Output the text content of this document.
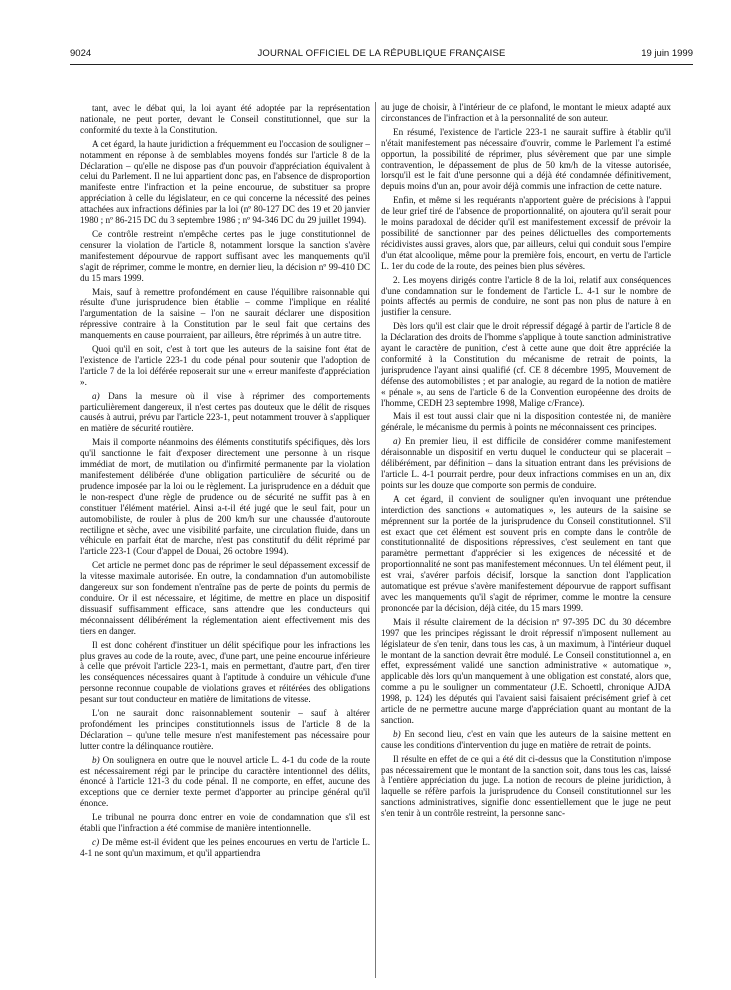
9024	JOURNAL OFFICIEL DE LA RÉPUBLIQUE FRANÇAISE	19 juin 1999

tant, avec le débat qui, la loi ayant été adoptée par la représentation nationale, ne peut porter, devant le Conseil constitutionnel, que sur la conformité du texte à la Constitution.

A cet égard, la haute juridiction a fréquemment eu l'occasion de souligner – notamment en réponse à de semblables moyens fondés sur l'article 8 de la Déclaration – qu'elle ne dispose pas d'un pouvoir d'appréciation équivalent à celui du Parlement. Il ne lui appartient donc pas, en l'absence de disproportion manifeste entre l'infraction et la peine encourue, de substituer sa propre appréciation à celle du législateur, en ce qui concerne la nécessité des peines attachées aux infractions définies par la loi (nº 80-127 DC des 19 et 20 janvier 1980 ; nº 86-215 DC du 3 septembre 1986 ; nº 94-346 DC du 29 juillet 1994).

Ce contrôle restreint n'empêche certes pas le juge constitutionnel de censurer la violation de l'article 8, notamment lorsque la sanction s'avère manifestement dépourvue de rapport suffisant avec les manquements qu'il s'agit de réprimer, comme le montre, en dernier lieu, la décision nº 99-410 DC du 15 mars 1999.

Mais, sauf à remettre profondément en cause l'équilibre raisonnable qui résulte d'une jurisprudence bien établie – comme l'implique en réalité l'argumentation de la saisine – l'on ne saurait déclarer une disposition répressive contraire à la Constitution par le seul fait que certains des manquements en cause pourraient, par ailleurs, être réprimés à un autre titre.

Quoi qu'il en soit, c'est à tort que les auteurs de la saisine font état de l'existence de l'article 223-1 du code pénal pour soutenir que l'adoption de l'article 7 de la loi déférée reposerait sur une « erreur manifeste d'appréciation ».

a) Dans la mesure où il vise à réprimer des comportements particulièrement dangereux, il n'est certes pas douteux que le délit de risques causés à autrui, prévu par l'article 223-1, peut notamment trouver à s'appliquer en matière de sécurité routière.

Mais il comporte néanmoins des éléments constitutifs spécifiques, dès lors qu'il sanctionne le fait d'exposer directement une personne à un risque immédiat de mort, de mutilation ou d'infirmité permanente par la violation manifestement délibérée d'une obligation particulière de sécurité ou de prudence imposée par la loi ou le règlement. La jurisprudence en a déduit que le non-respect d'une règle de prudence ou de sécurité ne suffit pas à en constituer l'élément matériel. Ainsi a-t-il été jugé que le seul fait, pour un automobiliste, de rouler à plus de 200 km/h sur une chaussée d'autoroute rectiligne et sèche, avec une visibilité parfaite, une circulation fluide, dans un véhicule en parfait état de marche, n'est pas constitutif du délit réprimé par l'article 223-1 (Cour d'appel de Douai, 26 octobre 1994).

Cet article ne permet donc pas de réprimer le seul dépassement excessif de la vitesse maximale autorisée. En outre, la condamnation d'un automobiliste dangereux sur son fondement n'entraîne pas de perte de points du permis de conduire. Or il est nécessaire, et légitime, de mettre en place un dispositif dissuasif suffisamment efficace, sans attendre que les conducteurs qui méconnaissent délibérément la réglementation aient effectivement mis des tiers en danger.

Il est donc cohérent d'instituer un délit spécifique pour les infractions les plus graves au code de la route, avec, d'une part, une peine encourue inférieure à celle que prévoit l'article 223-1, mais en permettant, d'autre part, d'en tirer les conséquences nécessaires quant à l'aptitude à conduire un véhicule d'une personne reconnue coupable de violations graves et réitérées des obligations pesant sur tout conducteur en matière de limitations de vitesse.

L'on ne saurait donc raisonnablement soutenir – sauf à altérer profondément les principes constitutionnels issus de l'article 8 de la Déclaration – qu'une telle mesure n'est manifestement pas nécessaire pour lutter contre la délinquance routière.

b) On soulignera en outre que le nouvel article L. 4-1 du code de la route est nécessairement régi par le principe du caractère intentionnel des délits, énoncé à l'article 121-3 du code pénal. Il ne comporte, en effet, aucune des exceptions que ce dernier texte permet d'apporter au principe général qu'il énonce.

Le tribunal ne pourra donc entrer en voie de condamnation que s'il est établi que l'infraction a été commise de manière intentionnelle.

c) De même est-il évident que les peines encourues en vertu de l'article L. 4-1 ne sont qu'un maximum, et qu'il appartiendra

au juge de choisir, à l'intérieur de ce plafond, le montant le mieux adapté aux circonstances de l'infraction et à la personnalité de son auteur.

En résumé, l'existence de l'article 223-1 ne saurait suffire à établir qu'il n'était manifestement pas nécessaire d'ouvrir, comme le Parlement l'a estimé opportun, la possibilité de réprimer, plus sévèrement que par une simple contravention, le dépassement de plus de 50 km/h de la vitesse autorisée, lorsqu'il est le fait d'une personne qui a déjà été condamnée définitivement, depuis moins d'un an, pour avoir déjà commis une infraction de cette nature.

Enfin, et même si les requérants n'apportent guère de précisions à l'appui de leur grief tiré de l'absence de proportionnalité, on ajoutera qu'il serait pour le moins paradoxal de décider qu'il est manifestement excessif de prévoir la possibilité de sanctionner par des peines délictuelles des comportements récidivistes aussi graves, alors que, par ailleurs, celui qui conduit sous l'empire d'un état alcoolique, même pour la première fois, encourt, en vertu de l'article L. 1er du code de la route, des peines bien plus sévères.

2. Les moyens dirigés contre l'article 8 de la loi, relatif aux conséquences d'une condamnation sur le fondement de l'article L. 4-1 sur le nombre de points affectés au permis de conduire, ne sont pas non plus de nature à en justifier la censure.

Dès lors qu'il est clair que le droit répressif dégagé à partir de l'article 8 de la Déclaration des droits de l'homme s'applique à toute sanction administrative ayant le caractère de punition, c'est à cette aune que doit être appréciée la conformité à la Constitution du mécanisme de retrait de points, la jurisprudence l'ayant ainsi qualifié (cf. CE 8 décembre 1995, Mouvement de défense des automobilistes ; et par analogie, au regard de la notion de matière « pénale », au sens de l'article 6 de la Convention européenne des droits de l'homme, CEDH 23 septembre 1998, Malige c/France).

Mais il est tout aussi clair que ni la disposition contestée ni, de manière générale, le mécanisme du permis à points ne méconnaissent ces principes.

a) En premier lieu, il est difficile de considérer comme manifestement déraisonnable un dispositif en vertu duquel le conducteur qui se placerait – délibérément, par définition – dans la situation entrant dans les prévisions de l'article L. 4-1 pourrait perdre, pour deux infractions commises en un an, dix points sur les douze que comporte son permis de conduire.

A cet égard, il convient de souligner qu'en invoquant une prétendue interdiction des sanctions « automatiques », les auteurs de la saisine se méprennent sur la portée de la jurisprudence du Conseil constitutionnel. S'il est exact que cet élément est souvent pris en compte dans le contrôle de constitutionnalité de dispositions répressives, c'est seulement en tant que paramètre permettant d'apprécier si les exigences de nécessité et de proportionnalité ne sont pas manifestement méconnues. Un tel élément peut, il est vrai, s'avérer parfois décisif, lorsque la sanction dont l'application automatique est prévue s'avère manifestement dépourvue de rapport suffisant avec les manquements qu'il s'agit de réprimer, comme le montre la censure prononcée par la décision, déjà citée, du 15 mars 1999.

Mais il résulte clairement de la décision nº 97-395 DC du 30 décembre 1997 que les principes régissant le droit répressif n'imposent nullement au législateur de s'en tenir, dans tous les cas, à un maximum, à l'intérieur duquel le montant de la sanction devrait être modulé. Le Conseil constitutionnel a, en effet, expressément validé une sanction administrative « automatique », applicable dès lors qu'un manquement à une obligation est constaté, alors que, comme a pu le souligner un commentateur (J.E. Schoettl, chronique AJDA 1998, p. 124) les députés qui l'avaient saisi faisaient précisément grief à cet article de ne permettre aucune marge d'appréciation quant au montant de la sanction.

b) En second lieu, c'est en vain que les auteurs de la saisine mettent en cause les conditions d'intervention du juge en matière de retrait de points.

Il résulte en effet de ce qui a été dit ci-dessus que la Constitution n'impose pas nécessairement que le montant de la sanction soit, dans tous les cas, laissé à l'entière appréciation du juge. La notion de recours de pleine juridiction, à laquelle se réfère parfois la jurisprudence du Conseil constitutionnel sur les sanctions administratives, signifie donc essentiellement que le juge ne peut s'en tenir à un contrôle restreint, la personne sanc-
